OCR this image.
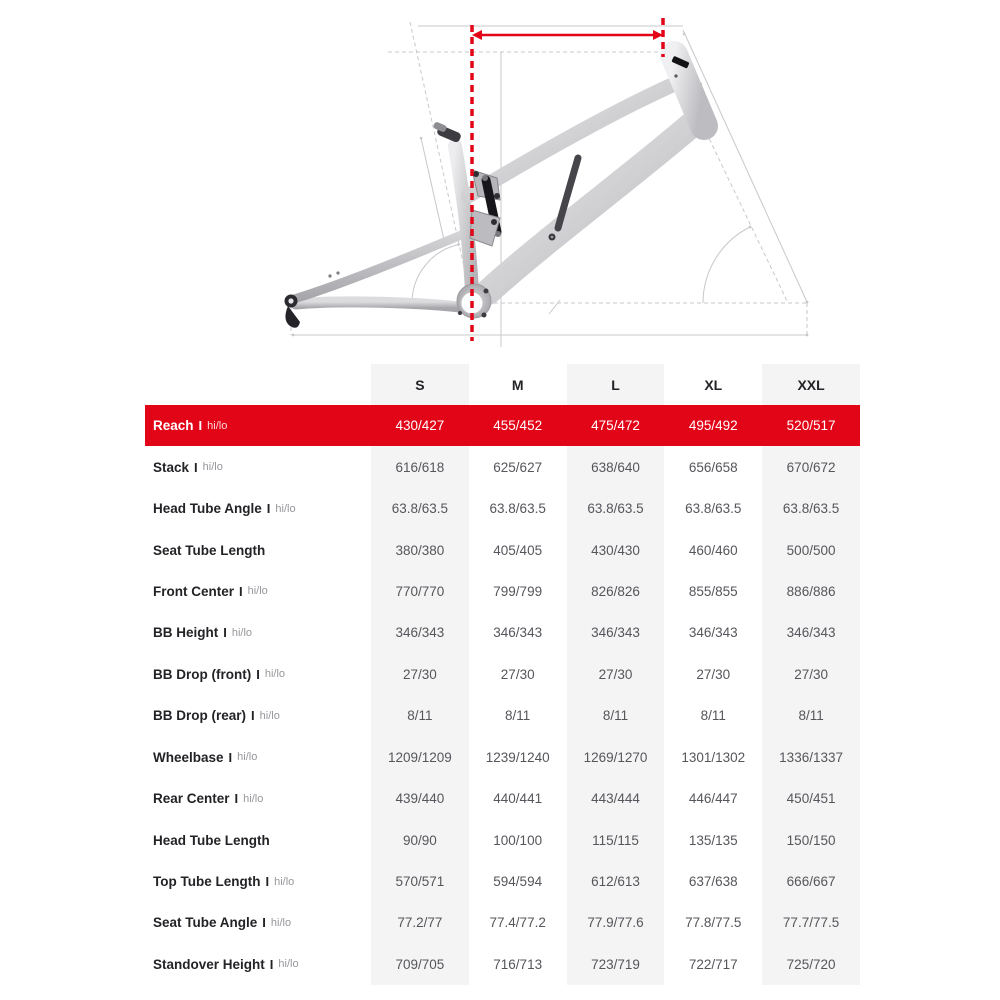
S	M	L	XL	XXL
Reach I hi/lo	430/427	455/452	475/472	495/492	520/517
Stack I hi/lo	616/618	625/627	638/640	656/658	670/672
Head Tube Angle I hi/lo	63.8/63.5	63.8/63.5	63.8/63.5	63.8/63.5	63.8/63.5
Seat Tube Length	380/380	405/405	430/430	460/460	500/500
Front Center I hi/lo	770/770	799/799	826/826	855/855	886/886
BB Height I hi/lo	346/343	346/343	346/343	346/343	346/343
BB Drop (front) I hi/lo	27/30	27/30	27/30	27/30	27/30
BB Drop (rear) I hi/lo	8/11	8/11	8/11	8/11	8/11
Wheelbase I hi/lo	1209/1209	1239/1240	1269/1270	1301/1302	1336/1337
Rear Center I hi/lo	439/440	440/441	443/444	446/447	450/451
Head Tube Length	90/90	100/100	115/115	135/135	150/150
Top Tube Length I hi/lo	570/571	594/594	612/613	637/638	666/667
Seat Tube Angle I hi/lo	77.2/77	77.4/77.2	77.9/77.6	77.8/77.5	77.7/77.5
Standover Height I hi/lo	709/705	716/713	723/719	722/717	725/720
